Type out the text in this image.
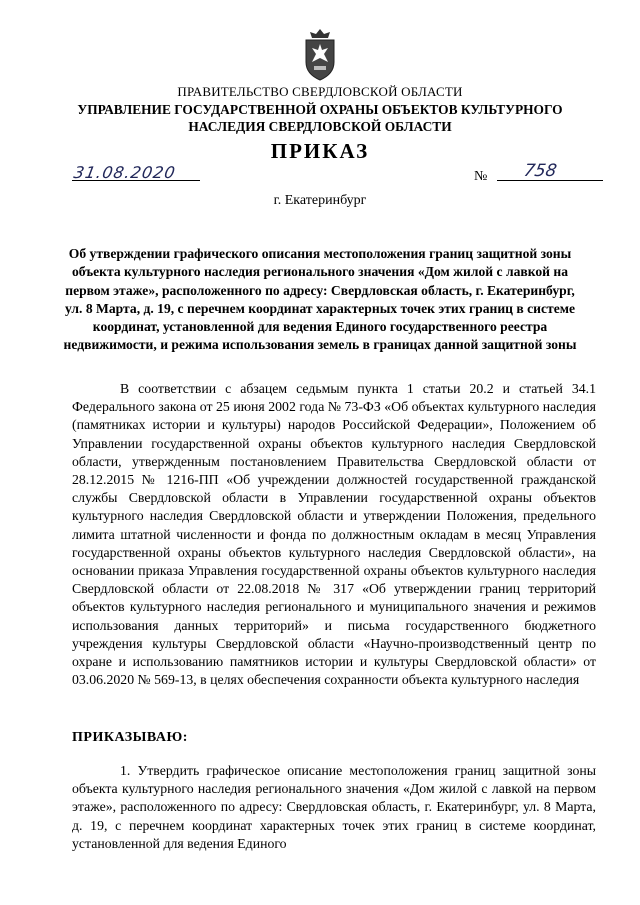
ПРАВИТЕЛЬСТВО СВЕРДЛОВСКОЙ ОБЛАСТИ
УПРАВЛЕНИЕ ГОСУДАРСТВЕННОЙ ОХРАНЫ ОБЪЕКТОВ КУЛЬТУРНОГО НАСЛЕДИЯ СВЕРДЛОВСКОЙ ОБЛАСТИ
ПРИКАЗ
31.08.2020	№ 758
г. Екатеринбург
Об утверждении графического описания местоположения границ защитной зоны объекта культурного наследия регионального значения «Дом жилой с лавкой на первом этаже», расположенного по адресу: Свердловская область, г. Екатеринбург, ул. 8 Марта, д. 19, с перечнем координат характерных точек этих границ в системе координат, установленной для ведения Единого государственного реестра недвижимости, и режима использования земель в границах данной защитной зоны
В соответствии с абзацем седьмым пункта 1 статьи 20.2 и статьей 34.1 Федерального закона от 25 июня 2002 года № 73-ФЗ «Об объектах культурного наследия (памятниках истории и культуры) народов Российской Федерации», Положением об Управлении государственной охраны объектов культурного наследия Свердловской области, утвержденным постановлением Правительства Свердловской области от 28.12.2015 № 1216-ПП «Об учреждении должностей государственной гражданской службы Свердловской области в Управлении государственной охраны объектов культурного наследия Свердловской области и утверждении Положения, предельного лимита штатной численности и фонда по должностным окладам в месяц Управления государственной охраны объектов культурного наследия Свердловской области», на основании приказа Управления государственной охраны объектов культурного наследия Свердловской области от 22.08.2018 № 317 «Об утверждении границ территорий объектов культурного наследия регионального и муниципального значения и режимов использования данных территорий» и письма государственного бюджетного учреждения культуры Свердловской области «Научно-производственный центр по охране и использованию памятников истории и культуры Свердловской области» от 03.06.2020 № 569-13, в целях обеспечения сохранности объекта культурного наследия
ПРИКАЗЫВАЮ:
1. Утвердить графическое описание местоположения границ защитной зоны объекта культурного наследия регионального значения «Дом жилой с лавкой на первом этаже», расположенного по адресу: Свердловская область, г. Екатеринбург, ул. 8 Марта, д. 19, с перечнем координат характерных точек этих границ в системе координат, установленной для ведения Единого
